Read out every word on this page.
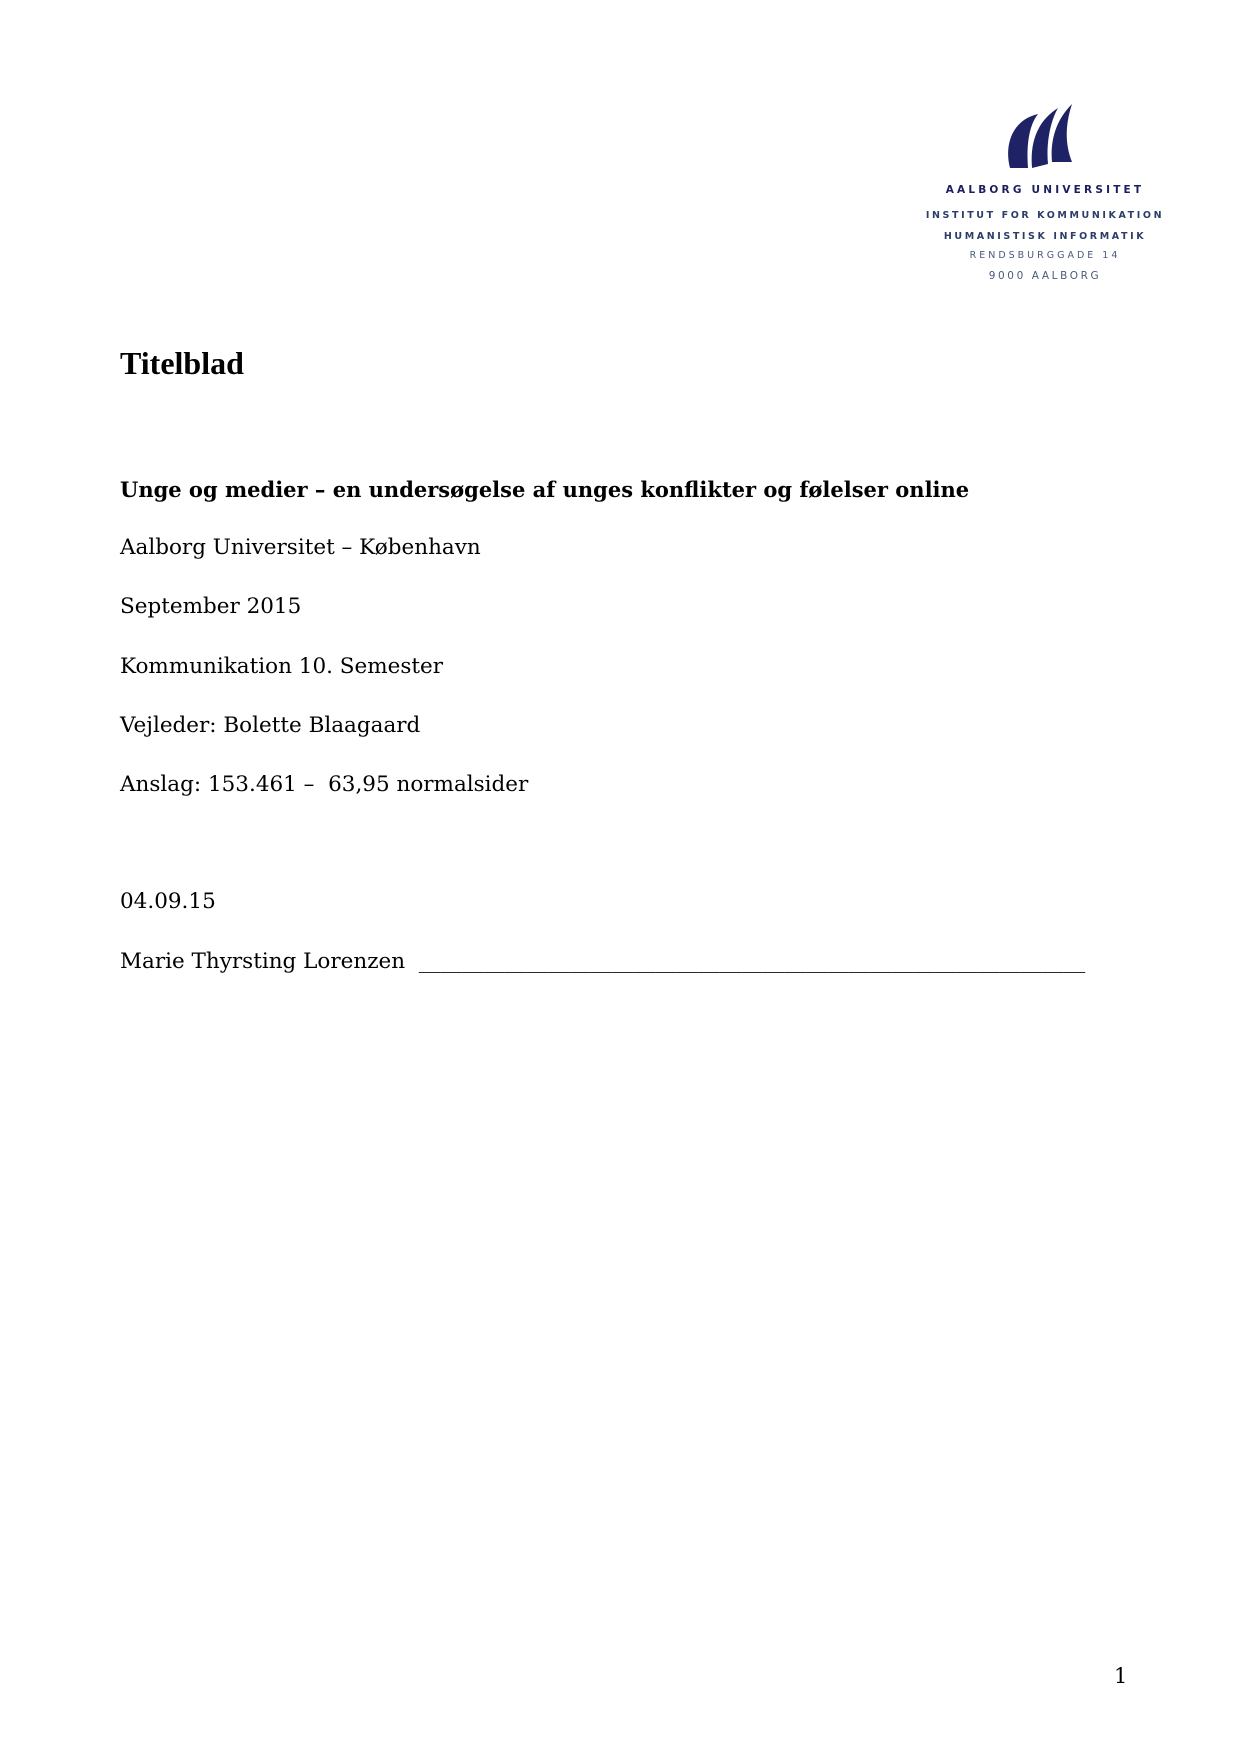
AALBORG UNIVERSITET
INSTITUT FOR KOMMUNIKATION
HUMANISTISK INFORMATIK
RENDSBURGGADE 14
9000 AALBORG
Titelblad
Unge og medier – en undersøgelse af unges konflikter og følelser online
Aalborg Universitet – København
September 2015
Kommunikation 10. Semester
Vejleder: Bolette Blaagaard
Anslag: 153.461 –  63,95 normalsider
04.09.15
Marie Thyrsting Lorenzen  ______________________________________________________________
1
